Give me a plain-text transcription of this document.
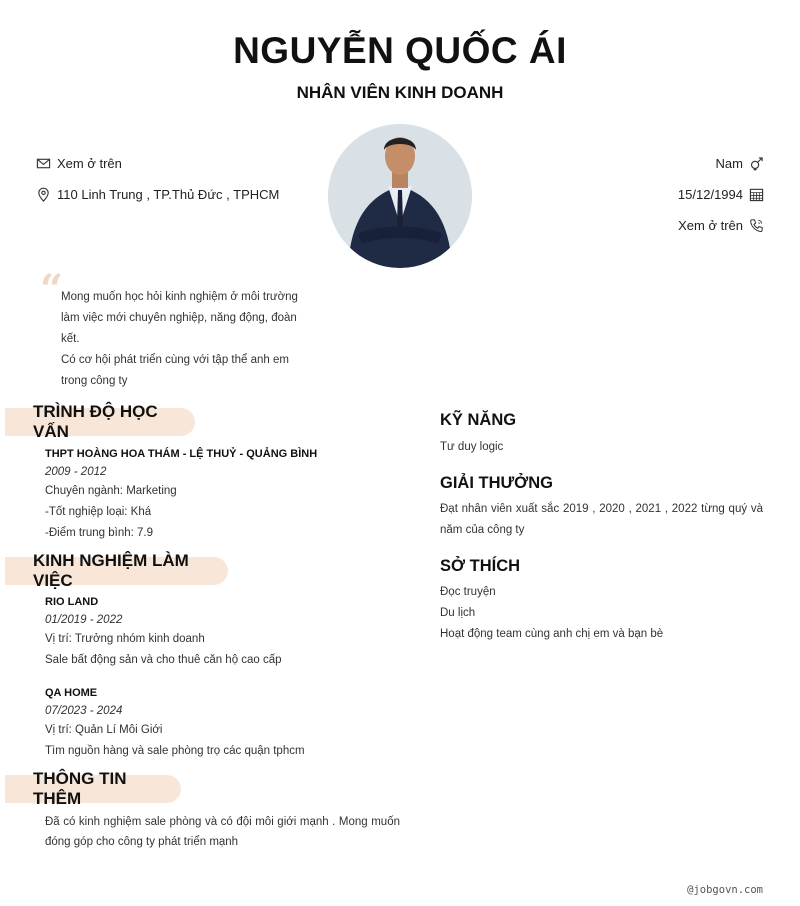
NGUYỄN QUỐC ÁI
NHÂN VIÊN KINH DOANH
Xem ở trên
110 Linh Trung , TP.Thủ Đức , TPHCM
Nam
15/12/1994
Xem ở trên
“

Mong muốn học hỏi kinh nghiệm ở môi trường làm việc mới chuyên nghiệp, năng động, đoàn kết.

Có cơ hội phát triển cùng với tập thể anh em trong công ty

TRÌNH ĐỘ HỌC VẤN
THPT HOÀNG HOA THÁM - LỆ THUỶ - QUẢNG BÌNH
2009 - 2012
Chuyên ngành: Marketing
-Tốt nghiệp loại: Khá
-Điểm trung bình: 7.9
KINH NGHIỆM LÀM VIỆC
RIO LAND
01/2019 - 2022
Vị trí: Trưởng nhóm kinh doanh
Sale bất động sản và cho thuê căn hộ cao cấp
QA HOME
07/2023 - 2024
Vị trí: Quản Lí Môi Giới
Tìm nguồn hàng và sale phòng trọ các quận tphcm
THÔNG TIN THÊM
Đã có kinh nghiệm sale phòng và có đội môi giới mạnh . Mong muốn đóng góp cho công ty phát triển mạnh
KỸ NĂNG

Tư duy logic

GIẢI THƯỞNG
Đạt nhân viên xuất sắc 2019 , 2020 , 2021 , 2022 từng quý và năm của công ty
SỞ THÍCH

Đọc truyện

Du lịch

Hoạt động team cùng anh chị em và bạn bè

@jobgovn.com
